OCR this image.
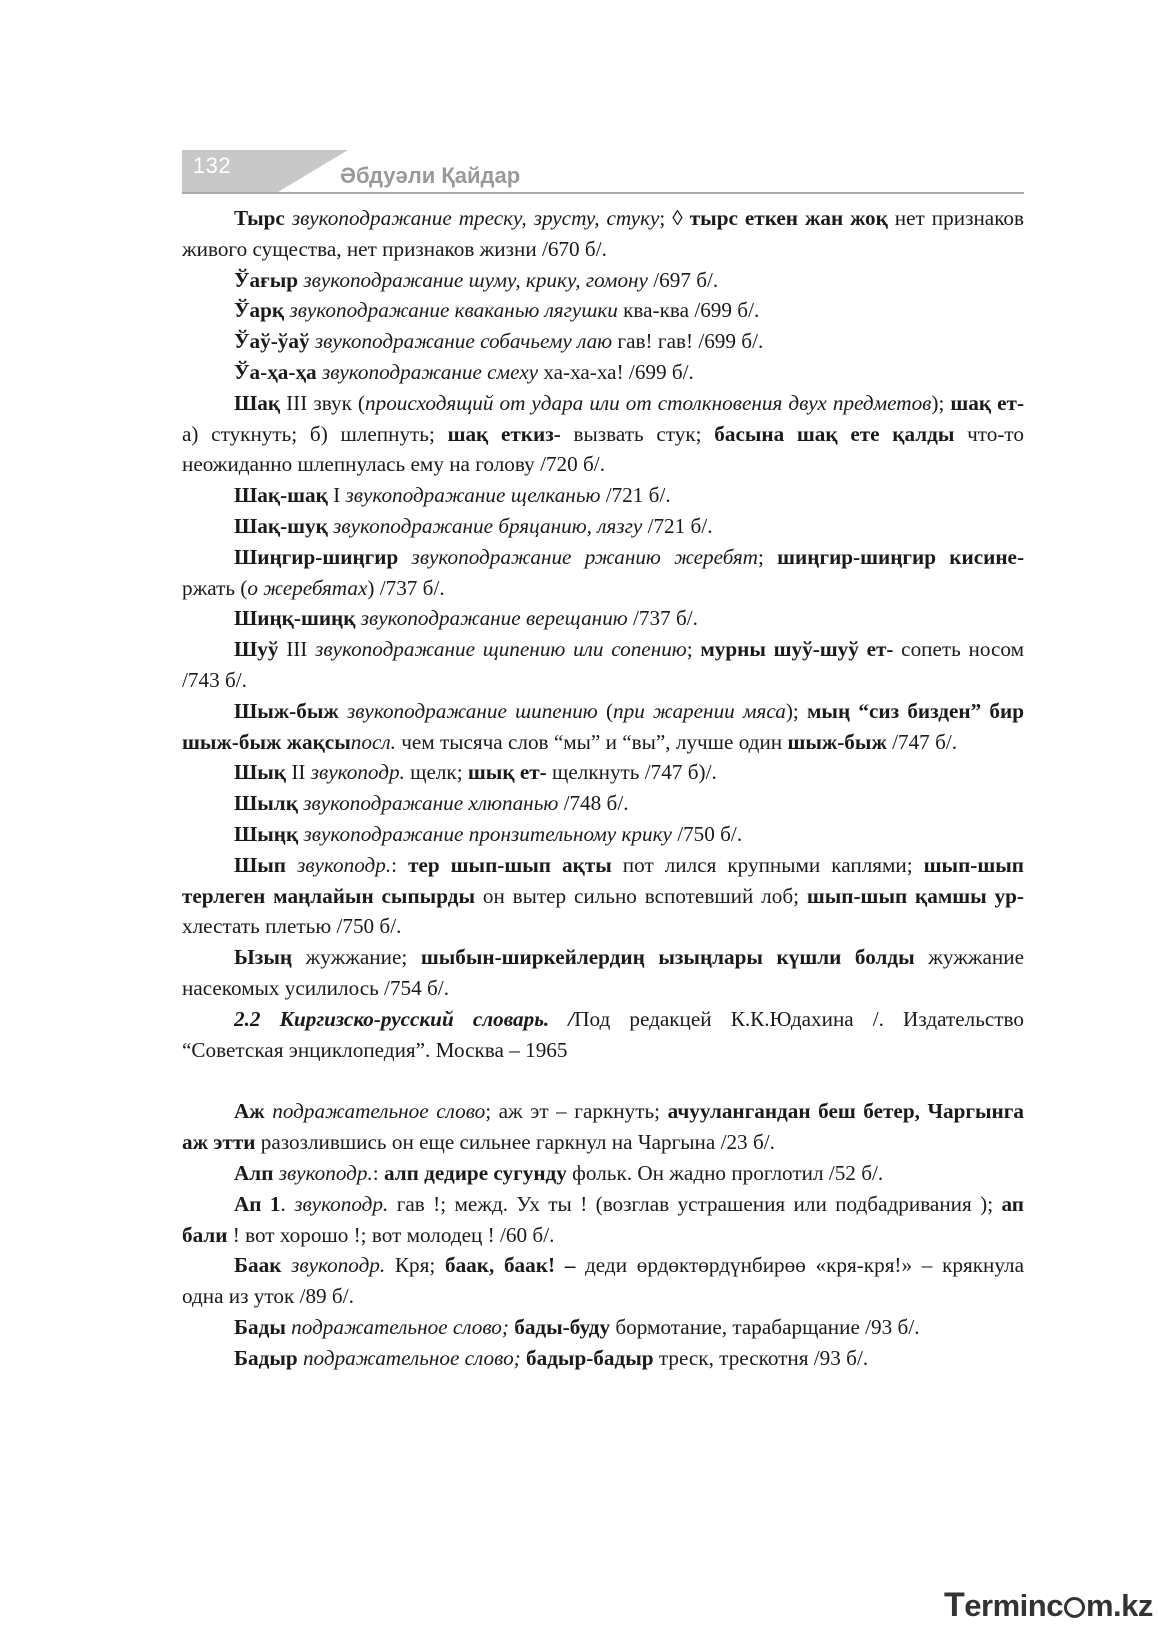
132	Әбдуәли Қайдар

Тырс звукоподражание треску, зрусту, стуку; ◊ тырс еткен жан жоқ нет признаков живого существа, нет признаков жизни /670 б/.

Ўағыр звукоподражание шуму, крику, гомону /697 б/.

Ўарқ звукоподражание кваканью лягушки ква-ква /699 б/.

Ўаў-ўаў звукоподражание собачьему лаю гав! гав! /699 б/.

Ўа-ҳа-ҳа звукоподражание смеху ха-ха-ха! /699 б/.

Шақ III звук (происходящий от удара или от столкновения двух предметов); шақ ет- а) стукнуть; б) шлепнуть; шақ еткиз- вызвать стук; басына шақ ете қалды что-то неожиданно шлепнулась ему на голову /720 б/.

Шақ-шақ I звукоподражание щелканью /721 б/.

Шақ-шуқ звукоподражание бряцанию, лязгу /721 б/.

Шиңгир-шиңгир звукоподражание ржанию жеребят; шиңгир-шиңгир кисине- ржать (о жеребятах) /737 б/.

Шиңқ-шиңқ звукоподражание верещанию /737 б/.

Шуў III звукоподражание щипению или сопению; мурны шуў-шуў ет- сопеть носом /743 б/.

Шыж-быж звукоподражание шипению (при жарении мяса); мың “сиз бизден” бир шыж-быж жақсыпосл. чем тысяча слов “мы” и “вы”, лучше один шыж-быж /747 б/.

Шық II звукоподр. щелк; шық ет- щелкнуть /747 б)/.

Шылқ звукоподражание хлюпанью /748 б/.

Шыңқ звукоподражание пронзительному крику /750 б/.

Шып звукоподр.: тер шып-шып ақты пот лился крупными каплями; шып-шып терлеген маңлайын сыпырды он вытер сильно вспотевший лоб; шып-шып қамшы ур- хлестать плетью /750 б/.

Ызың жужжание; шыбын-ширкейлердиң ызыңлары күшли болды жужжание насекомых усилилось /754 б/.

2.2 Киргизско-русский словарь. /Под редакцей К.К.Юдахина /. Издательство “Советская энциклопедия”. Москва – 1965

Аж подражательное слово; аж эт – гаркнуть; ачуулангандан беш бетер, Чаргынга аж этти разозлившись он еще сильнее гаркнул на Чаргына /23 б/.

Алп звукоподр.: алп дедире сугунду фольк. Он жадно проглотил /52 б/.

Ап 1. звукоподр. гав !; межд. Ух ты ! (возглав устрашения или подбадривания ); ап бали ! вот хорошо !; вот молодец ! /60 б/.

Баак звукоподр. Кря; баак, баак! – деди өрдөктөрдүнбирөө «кря-кря!» – крякнула одна из уток /89 б/.

Бады подражательное слово; бады-буду бормотание, тарабарщание /93 б/.

Бадыр подражательное слово; бадыр-бадыр треск, трескотня /93 б/.

Terminc m.kz
